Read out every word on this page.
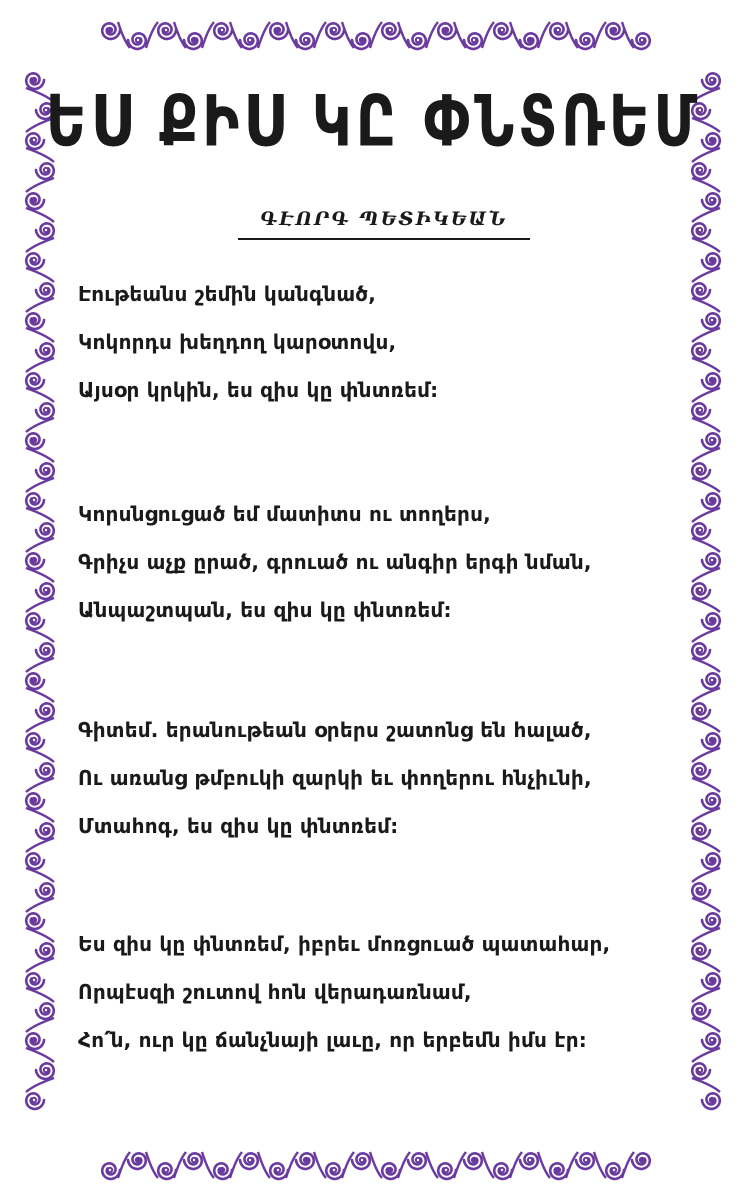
ԵՍ ՔԻՍ ԿԸ ՓՆՏՌԵՄ
ԳԷՈՐԳ ՊԵՏԻԿԵԱՆ
Էութեանս շեմին կանգնած,
Կոկորդս խեղդող կարօտովս,
Այսօր կրկին, ես զիս կը փնտռեմ:
Կորսնցուցած եմ մատիտս ու տողերս,
Գրիչս աչք ըրած, գրուած ու անգիր երգի նման,
Անպաշտպան, ես զիս կը փնտռեմ:
Գիտեմ. երանութեան օրերս շատոնց են հալած,
Ու առանց թմբուկի զարկի եւ փողերու հնչիւնի,
Մտահոգ, ես զիս կը փնտռեմ:
Ես զիս կը փնտռեմ, իբրեւ մոռցուած պատահար,
Որպէսզի շուտով հոն վերադառնամ,
Հո՛ն, ուր կը ճանչնայի լաւը, որ երբեմն իմս էր:
